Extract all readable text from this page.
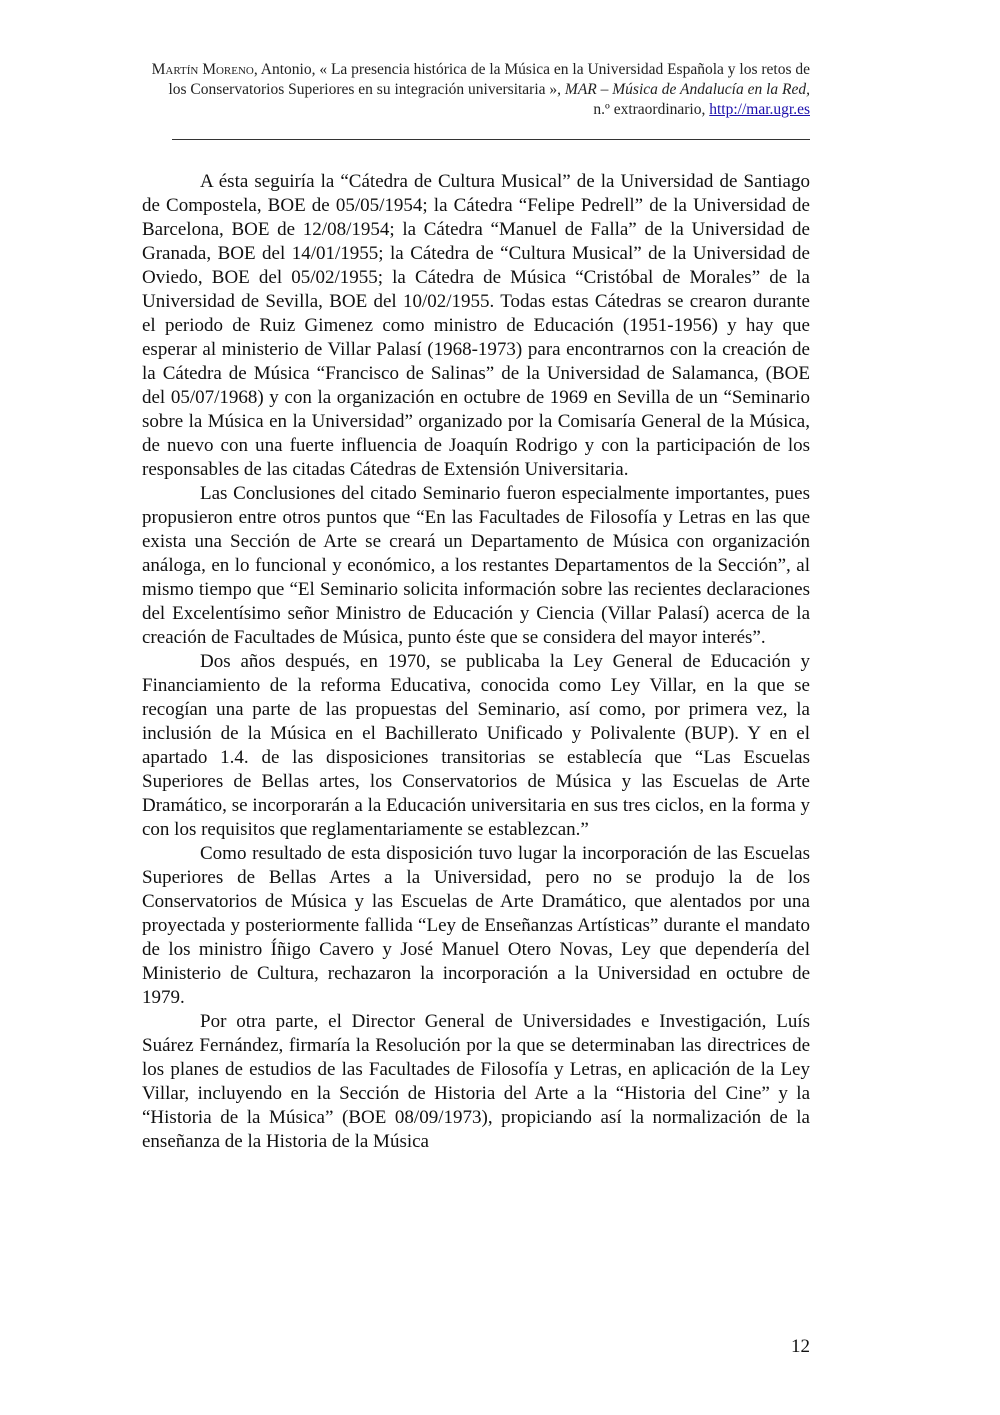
Martín Moreno, Antonio, « La presencia histórica de la Música en la Universidad Española y los retos de los Conservatorios Superiores en su integración universitaria », MAR – Música de Andalucía en la Red, n.º extraordinario, http://mar.ugr.es

A ésta seguiría la “Cátedra de Cultura Musical” de la Universidad de Santiago de Compostela, BOE de 05/05/1954; la Cátedra “Felipe Pedrell” de la Universidad de Barcelona, BOE de 12/08/1954; la Cátedra “Manuel de Falla” de la Universidad de Granada, BOE del 14/01/1955; la Cátedra de “Cultura Musical” de la Universidad de Oviedo, BOE del 05/02/1955; la Cátedra de Música “Cristóbal de Morales” de la Universidad de Sevilla, BOE del 10/02/1955. Todas estas Cátedras se crearon durante el periodo de Ruiz Gimenez como ministro de Educación (1951-1956) y hay que esperar al ministerio de Villar Palasí (1968-1973) para encontrarnos con la creación de la Cátedra de Música “Francisco de Salinas” de la Universidad de Salamanca, (BOE del 05/07/1968) y con la organización en octubre de 1969 en Sevilla de un “Seminario sobre la Música en la Universidad” organizado por la Comisaría General de la Música, de nuevo con una fuerte influencia de Joaquín Rodrigo y con la participación de los responsables de las citadas Cátedras de Extensión Universitaria.

Las Conclusiones del citado Seminario fueron especialmente importantes, pues propusieron entre otros puntos que “En las Facultades de Filosofía y Letras en las que exista una Sección de Arte se creará un Departamento de Música con organización análoga, en lo funcional y económico, a los restantes Departamentos de la Sección”, al mismo tiempo que “El Seminario solicita información sobre las recientes declaraciones del Excelentísimo señor Ministro de Educación y Ciencia (Villar Palasí) acerca de la creación de Facultades de Música, punto éste que se considera del mayor interés”.

Dos años después, en 1970, se publicaba la Ley General de Educación y Financiamiento de la reforma Educativa, conocida como Ley Villar, en la que se recogían una parte de las propuestas del Seminario, así como, por primera vez, la inclusión de la Música en el Bachillerato Unificado y Polivalente (BUP). Y en el apartado 1.4. de las disposiciones transitorias se establecía que “Las Escuelas Superiores de Bellas artes, los Conservatorios de Música y las Escuelas de Arte Dramático, se incorporarán a la Educación universitaria en sus tres ciclos, en la forma y con los requisitos que reglamentariamente se establezcan.”

Como resultado de esta disposición tuvo lugar la incorporación de las Escuelas Superiores de Bellas Artes a la Universidad, pero no se produjo la de los Conservatorios de Música y las Escuelas de Arte Dramático, que alentados por una proyectada y posteriormente fallida “Ley de Enseñanzas Artísticas” durante el mandato de los ministro Íñigo Cavero y José Manuel Otero Novas, Ley que dependería del Ministerio de Cultura, rechazaron la incorporación a la Universidad en octubre de 1979.

Por otra parte, el Director General de Universidades e Investigación, Luís Suárez Fernández, firmaría la Resolución por la que se determinaban las directrices de los planes de estudios de las Facultades de Filosofía y Letras, en aplicación de la Ley Villar, incluyendo en la Sección de Historia del Arte a la “Historia del Cine” y la “Historia de la Música” (BOE 08/09/1973), propiciando así la normalización de la enseñanza de la Historia de la Música

12
